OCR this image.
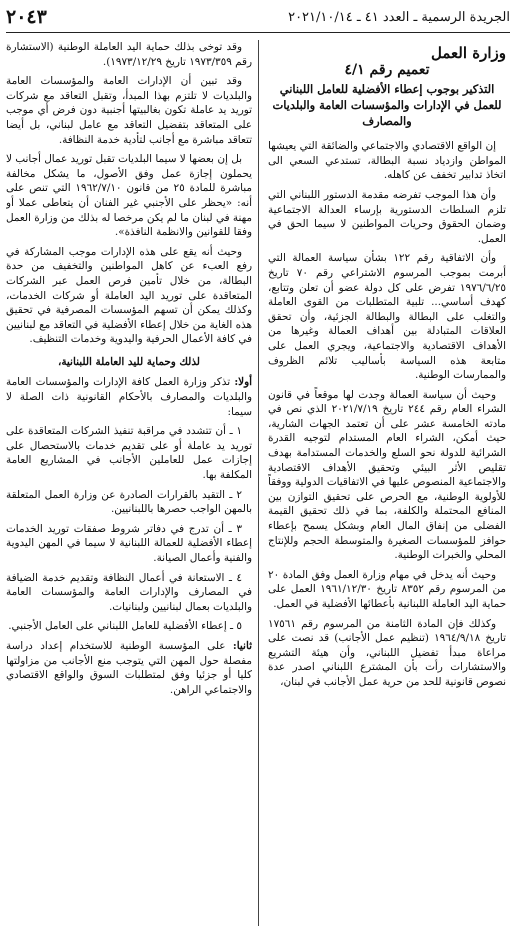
الجريدة الرسمية ـ العدد ٤١ ـ ٢٠٢١/١٠/١٤
٢٠٤٣
وزارة العمل
تعميم رقم ٤/١
التذكير بوجوب إعطاء الأفضلية للعامل اللبناني للعمل في الإدارات والمؤسسات العامة والبلديات والمصارف

إن الواقع الاقتصادي والاجتماعي والضائقة التي يعيشها المواطن وازدياد نسبة البطالة، تستدعي السعي الى اتخاذ تدابير تخفف عن كاهله.

وأن هذا الموجب تفرضه مقدمة الدستور اللبناني التي تلزم السلطات الدستورية بإرساء العدالة الاجتماعية وضمان الحقوق وحريات المواطنين لا سيما الحق في العمل.

وأن الاتفاقية رقم ١٢٢ بشأن سياسة العمالة التي أبرمت بموجب المرسوم الاشتراعي رقم ٧٠ تاريخ ١٩٧٦/٦/٢٥ تفرض على كل دولة عضو أن تعلن وتتابع، كهدف أساسي... تلبية المتطلبات من القوى العاملة والتغلب على البطالة والبطالة الجزئية، وأن تحقق العلاقات المتبادلة بين أهداف العمالة وغيرها من الأهداف الاقتصادية والاجتماعية، ويجري العمل على متابعة هذه السياسة بأساليب تلائم الظروف والممارسات الوطنية.

وحيث أن سياسة العمالة وجدت لها موقعاً في قانون الشراء العام رقم ٢٤٤ تاريخ ٢٠٢١/٧/١٩ الذي نص في مادته الخامسة عشر على أن تعتمد الجهات الشارية، حيث أمكن، الشراء العام المستدام لتوجيه القدرة الشرائية للدولة نحو السلع والخدمات المستدامة بهدف تقليص الأثر البيئي وتحقيق الأهداف الاقتصادية والاجتماعية المنصوص عليها في الاتفاقيات الدولية ووفقاً للأولوية الوطنية، مع الحرص على تحقيق التوازن بين المنافع المحتملة والكلفة، بما في ذلك تحقيق القيمة الفضلى من إنفاق المال العام وبشكل يسمح بإعطاء حوافز للمؤسسات الصغيرة والمتوسطة الحجم وللإنتاج المحلي والخبرات الوطنية.

وحيث أنه يدخل في مهام وزارة العمل وفق المادة ٢٠ من المرسوم رقم ٨٣٥٢ تاريخ ١٩٦١/١٢/٣٠ العمل على حماية اليد العاملة اللبنانية بأعطائها الأفضلية في العمل.

وكذلك فإن المادة الثامنة من المرسوم رقم ١٧٥٦١ تاريخ ١٩٦٤/٩/١٨ (تنظيم عمل الأجانب) قد نصت على مراعاة مبدأ تفضيل اللبناني، وأن هيئة التشريع والاستشارات رأت بأن المشترع اللبناني اصدر عدة نصوص قانونية للحد من حرية عمل الأجانب في لبنان،

وقد توخى بذلك حماية اليد العاملة الوطنية (الاستشارة رقم ١٩٧٣/٣٥٩ تاريخ ١٩٧٣/١٢/٢٩).

وقد تبين أن الإدارات العامة والمؤسسات العامة والبلديات لا تلتزم بهذا المبدأ، وتقبل التعاقد مع شركات توريد يد عاملة تكون بغالبيتها أجنبية دون فرض أي موجب على المتعاقد بتفضيل التعاقد مع عامل لبناني، بل أيضا تتعاقد مباشرة مع أجانب لتأدية خدمة النظافة.

بل إن بعضها لا سيما البلديات تقبل توريد عمال أجانب لا يحملون إجازة عمل وفق الأصول، ما يشكل مخالفة مباشرة للمادة ٢٥ من قانون ١٩٦٢/٧/١٠ التي تنص على أنه: «يحظر على الأجنبي غير الفنان أن يتعاطى عملا أو مهنة في لبنان ما لم يكن مرخصا له بذلك من وزارة العمل وفقا للقوانين والانظمة النافذة».

وحيث أنه يقع على هذه الإدارات موجب المشاركة في رفع العبء عن كاهل المواطنين والتخفيف من حدة البطالة، من خلال تأمين فرص العمل عبر الشركات المتعاقدة على توريد اليد العاملة أو شركات الخدمات، وكذلك يمكن أن تسهم المؤسسات المصرفية في تحقيق هذه الغاية من خلال إعطاء الأفضلية في التعاقد مع لبنانيين في كافة الأعمال الحرفية واليدوية وخدمات التنظيف.

لذلك وحماية لليد العاملة اللبنانية،

أولا: تذكر وزارة العمل كافة الإدارات والمؤسسات العامة والبلديات والمصارف بالأحكام القانونية ذات الصلة لا سيما:

١ ـ أن تتشدد في مراقبة تنفيذ الشركات المتعاقدة على توريد يد عاملة أو على تقديم خدمات بالاستحصال على إجازات عمل للعاملين الأجانب في المشاريع العامة المكلفة بها.

٢ ـ التقيد بالقرارات الصادرة عن وزارة العمل المتعلقة بالمهن الواجب حصرها باللبنانيين.

٣ ـ أن تدرج في دفاتر شروط صفقات توريد الخدمات إعطاء الأفضلية للعمالة اللبنانية لا سيما في المهن اليدوية والفنية وأعمال الصيانة.

٤ ـ الاستعانة في أعمال النظافة وتقديم خدمة الضيافة في المصارف والإدارات العامة والمؤسسات العامة والبلديات بعمال لبنانيين ولبنانيات.

٥ ـ إعطاء الأفضلية للعامل اللبناني على العامل الأجنبي.

ثانيا: على المؤسسة الوطنية للاستخدام إعداد دراسة مفصلة حول المهن التي يتوجب منع الأجانب من مزاولتها كليا أو جزئيا وفق لمتطلبات السوق والواقع الاقتصادي والاجتماعي الراهن.
